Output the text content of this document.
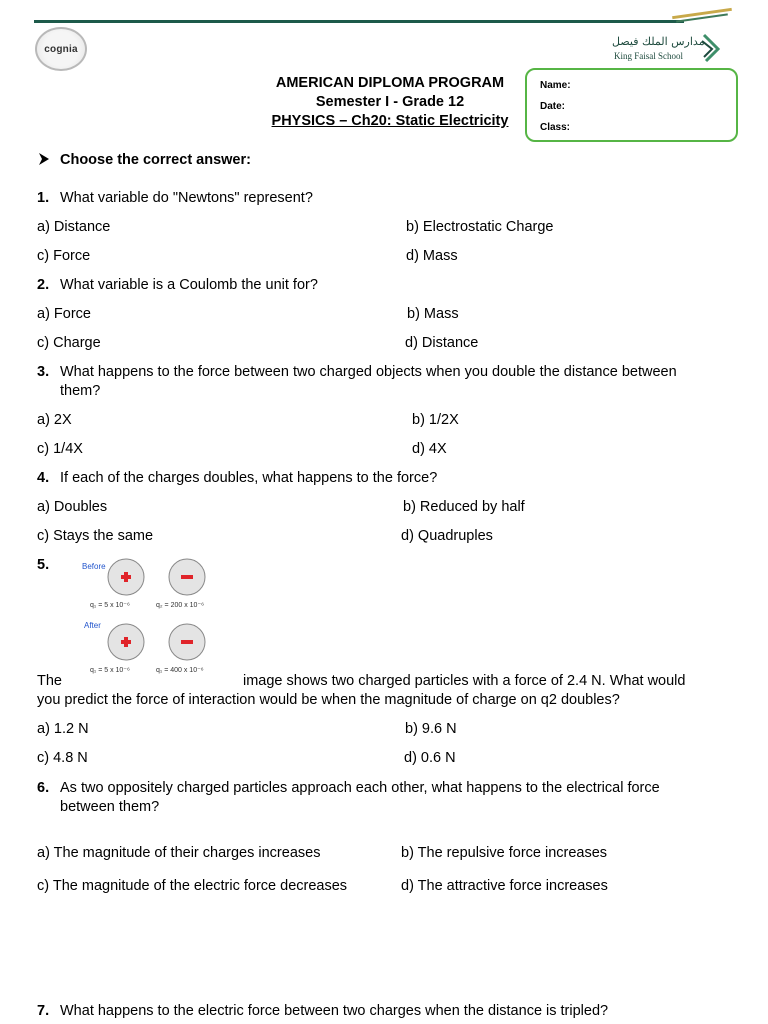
cognia
مدارس الملك فيصل
King Faisal School
AMERICAN DIPLOMA PROGRAM
Semester I - Grade 12
PHYSICS – Ch20: Static Electricity
Name:
Date:
Class:
Choose the correct answer:
1. What variable do "Newtons" represent?
a) Distance	b) Electrostatic Charge
c) Force	d) Mass
2. What variable is a Coulomb the unit for?
a) Force	b) Mass
c) Charge	d) Distance
3. What happens to the force between two charged objects when you double the distance between
them?
a) 2X	b) 1/2X
c) 1/4X	d) 4X
4. If each of the charges doubles, what happens to the force?
a) Doubles	b) Reduced by half
c) Stays the same	d) Quadruples
5.	Before
q₁ = 5 x 10⁻⁶	q₂ = 200 x 10⁻⁶
After
q₁ = 5 x 10⁻⁶	q₁ = 400 x 10⁻⁶
The	image shows two charged particles with a force of 2.4 N. What would
you predict the force of interaction would be when the magnitude of charge on q2 doubles?
a) 1.2 N	b) 9.6 N
c) 4.8 N	d) 0.6 N
6. As two oppositely charged particles approach each other, what happens to the electrical force
between them?
a) The magnitude of their charges increases	b) The repulsive force increases
c) The magnitude of the electric force decreases	d) The attractive force increases
7. What happens to the electric force between two charges when the distance is tripled?
